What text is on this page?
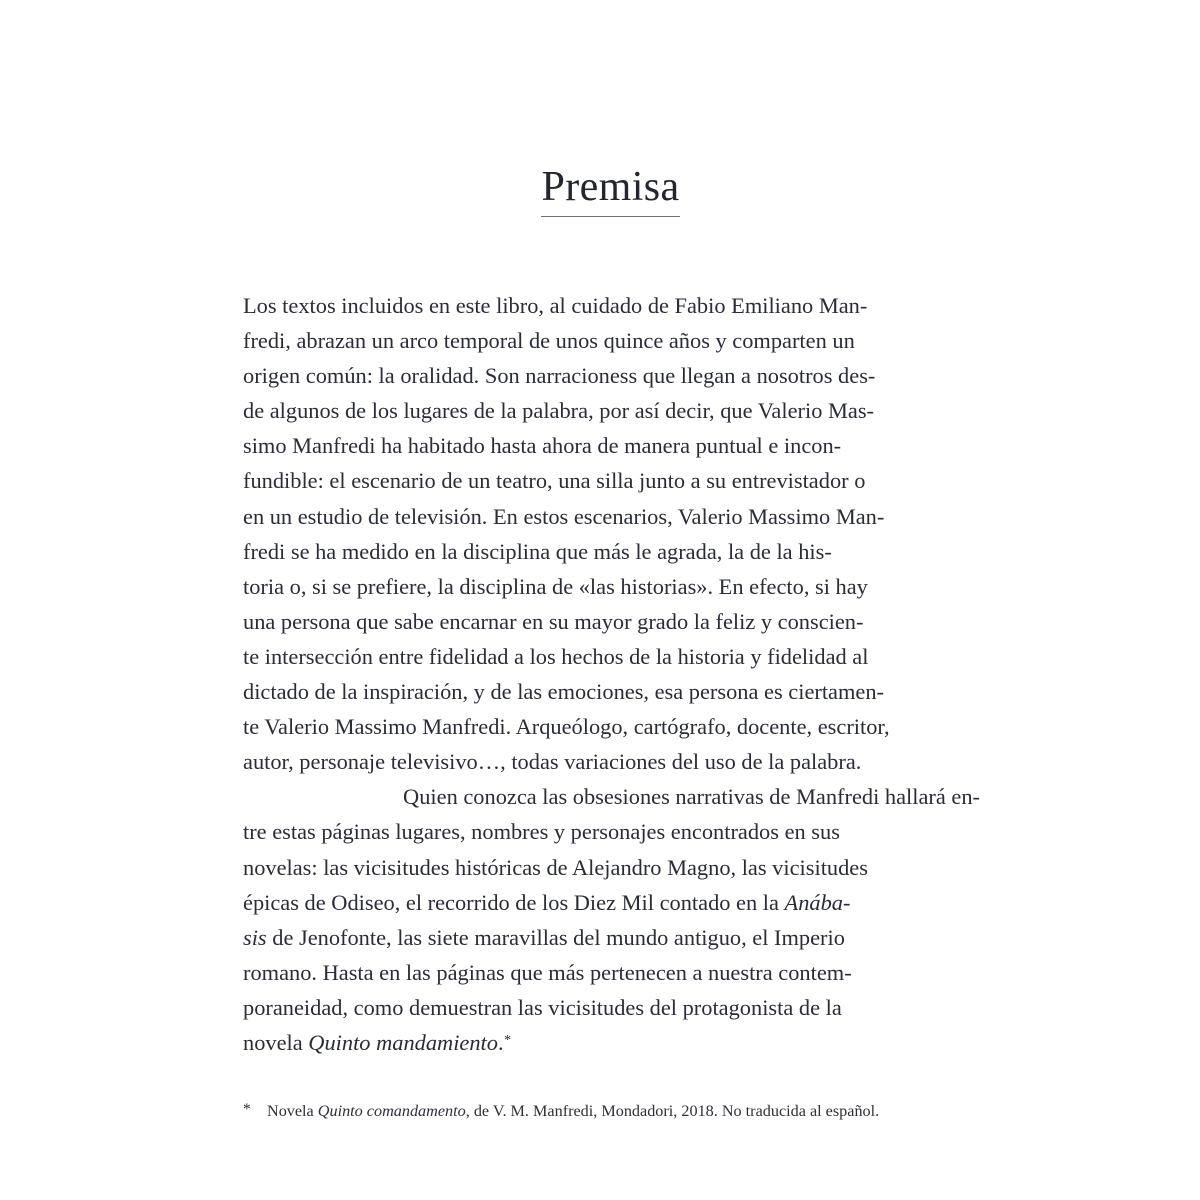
Premisa

Los textos incluidos en este libro, al cuidado de Fabio Emiliano Man-
fredi, abrazan un arco temporal de unos quince años y comparten un
origen común: la oralidad. Son narracioness que llegan a nosotros des-
de algunos de los lugares de la palabra, por así decir, que Valerio Mas-
simo Manfredi ha habitado hasta ahora de manera puntual e incon-
fundible: el escenario de un teatro, una silla junto a su entrevistador o
en un estudio de televisión. En estos escenarios, Valerio Massimo Man-
fredi se ha medido en la disciplina que más le agrada, la de la his-
toria o, si se prefiere, la disciplina de «las historias». En efecto, si hay
una persona que sabe encarnar en su mayor grado la feliz y conscien-
te intersección entre fidelidad a los hechos de la historia y fidelidad al
dictado de la inspiración, y de las emociones, esa persona es ciertamen-
te Valerio Massimo Manfredi. Arqueólogo, cartógrafo, docente, escritor,
autor, personaje televisivo…, todas variaciones del uso de la palabra.

Quien conozca las obsesiones narrativas de Manfredi hallará en-
tre estas páginas lugares, nombres y personajes encontrados en sus
novelas: las vicisitudes históricas de Alejandro Magno, las vicisitudes
épicas de Odiseo, el recorrido de los Diez Mil contado en la Anába-
sis de Jenofonte, las siete maravillas del mundo antiguo, el Imperio
romano. Hasta en las páginas que más pertenecen a nuestra contem-
poraneidad, como demuestran las vicisitudes del protagonista de la
novela Quinto mandamiento.*

* Novela Quinto comandamento, de V. M. Manfredi, Mondadori, 2018. No traducida al español.
